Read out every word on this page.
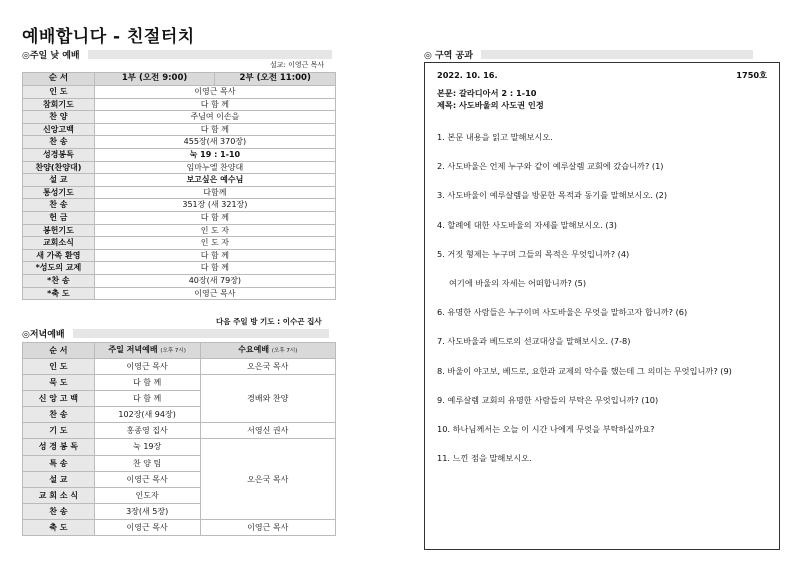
예배합니다 - 친절터치
◎주일 낮 예배
설교: 이영근 목사
순 서	1부 (오전 9:00)	2부 (오전 11:00)
인 도	이영근 목사	
참회기도	다 함 께	
찬 양	주님여 이손을	
신앙고백	다 함 께	
찬 송	455장(새 370장)	
성경봉독	눅 19 : 1-10	
찬양(찬양대)	임마누엘 찬양대	
설 교	보고싶은 예수님	
통성기도	다함께	
찬 송	351장 (새 321장)	
헌 금	다 함 께	
봉헌기도	인 도 자	
교회소식	인 도 자	
새 가족 환영	다 함 께	
*성도의 교제	다 함 께	
*찬 송	40장(새 79장)	
*축 도	이영근 목사	
다음 주일 방 기도 : 이수곤 집사
◎저녁예배
순 서	주일 저녁예배 (오후 7시)	수요예배 (오후 7시)
인 도	이영근 목사	오은국 목사
묵 도	다 함 께	경배와 찬양
신 앙 고 백	다 함 께	
찬 송	102장(새 94장)	
기 도	홍종영 집사	서영신 권사
성 경 봉 독	눅 19장	오은국 목사
특 송	찬 양 팀	
설 교	이영근 목사	
교 회 소 식	인도자	
찬 송	3장(새 5장)	
축 도	이영근 목사	이영근 목사
◎ 구역 공과
2022. 10. 16.	1750호
본문: 갈라디아서 2 : 1-10
제목: 사도바울의 사도권 인정
1. 본문 내용을 읽고 말해보시오.
2. 사도바울은 언제 누구와 같이 예루살렘 교회에 갔습니까? (1)
3. 사도바울이 예루살렘을 방문한 목적과 동기를 말해보시오. (2)
4. 할례에 대한 사도바울의 자세를 말해보시오. (3)
5. 거짓 형제는 누구며 그들의 목적은 무엇입니까? (4)
여기에 바울의 자세는 어떠합니까? (5)
6. 유명한 사람들은 누구이며 사도바울은 무엇을 말하고자 합니까? (6)
7. 사도바울과 베드로의 선교대상을 말해보시오. (7-8)
8. 바울이 야고보, 베드로, 요한과 교제의 악수를 했는데 그 의미는 무엇입니까? (9)
9. 예루살렘 교회의 유명한 사람들의 부탁은 무엇입니까? (10)
10. 하나님께서는 오늘 이 시간 나에게 무엇을 부탁하실까요?
11. 느낀 점을 말해보시오.
